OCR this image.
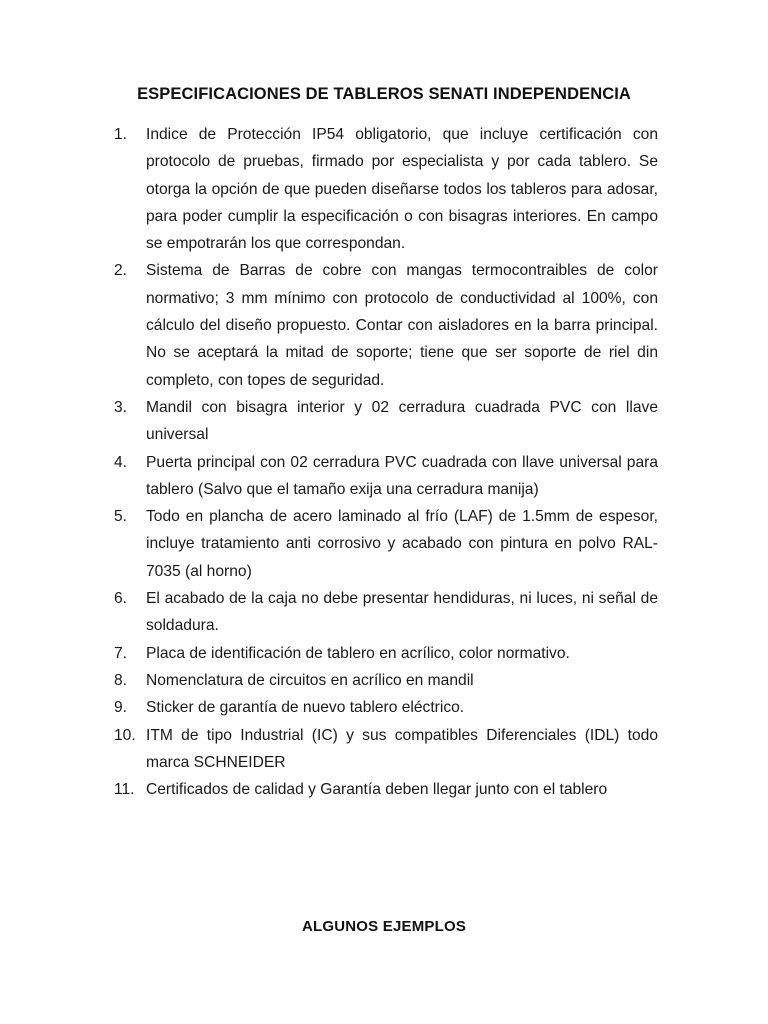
ESPECIFICACIONES DE TABLEROS SENATI INDEPENDENCIA
1.	Indice de Protección IP54 obligatorio, que incluye certificación con protocolo de pruebas, firmado por especialista y por cada tablero. Se otorga la opción de que pueden diseñarse todos los tableros para adosar, para poder cumplir la especificación o con bisagras interiores. En campo se empotrarán los que correspondan.
2.	Sistema de Barras de cobre con mangas termocontraibles de color normativo; 3 mm mínimo con protocolo de conductividad al 100%, con cálculo del diseño propuesto. Contar con aisladores en la barra principal. No se aceptará la mitad de soporte; tiene que ser soporte de riel din completo, con topes de seguridad.
3.	Mandil con bisagra interior y 02 cerradura cuadrada PVC con llave universal
4.	Puerta principal con 02 cerradura PVC cuadrada con llave universal para tablero (Salvo que el tamaño exija una cerradura manija)
5.	Todo en plancha de acero laminado al frío (LAF) de 1.5mm de espesor, incluye tratamiento anti corrosivo y acabado con pintura en polvo RAL-7035 (al horno)
6.	El acabado de la caja no debe presentar hendiduras, ni luces, ni señal de soldadura.
7.	Placa de identificación de tablero en acrílico, color normativo.
8.	Nomenclatura de circuitos en acrílico en mandil
9.	Sticker de garantía de nuevo tablero eléctrico.
10. ITM de tipo Industrial (IC) y sus compatibles Diferenciales (IDL) todo marca SCHNEIDER
11. Certificados de calidad y Garantía deben llegar junto con el tablero
ALGUNOS EJEMPLOS
